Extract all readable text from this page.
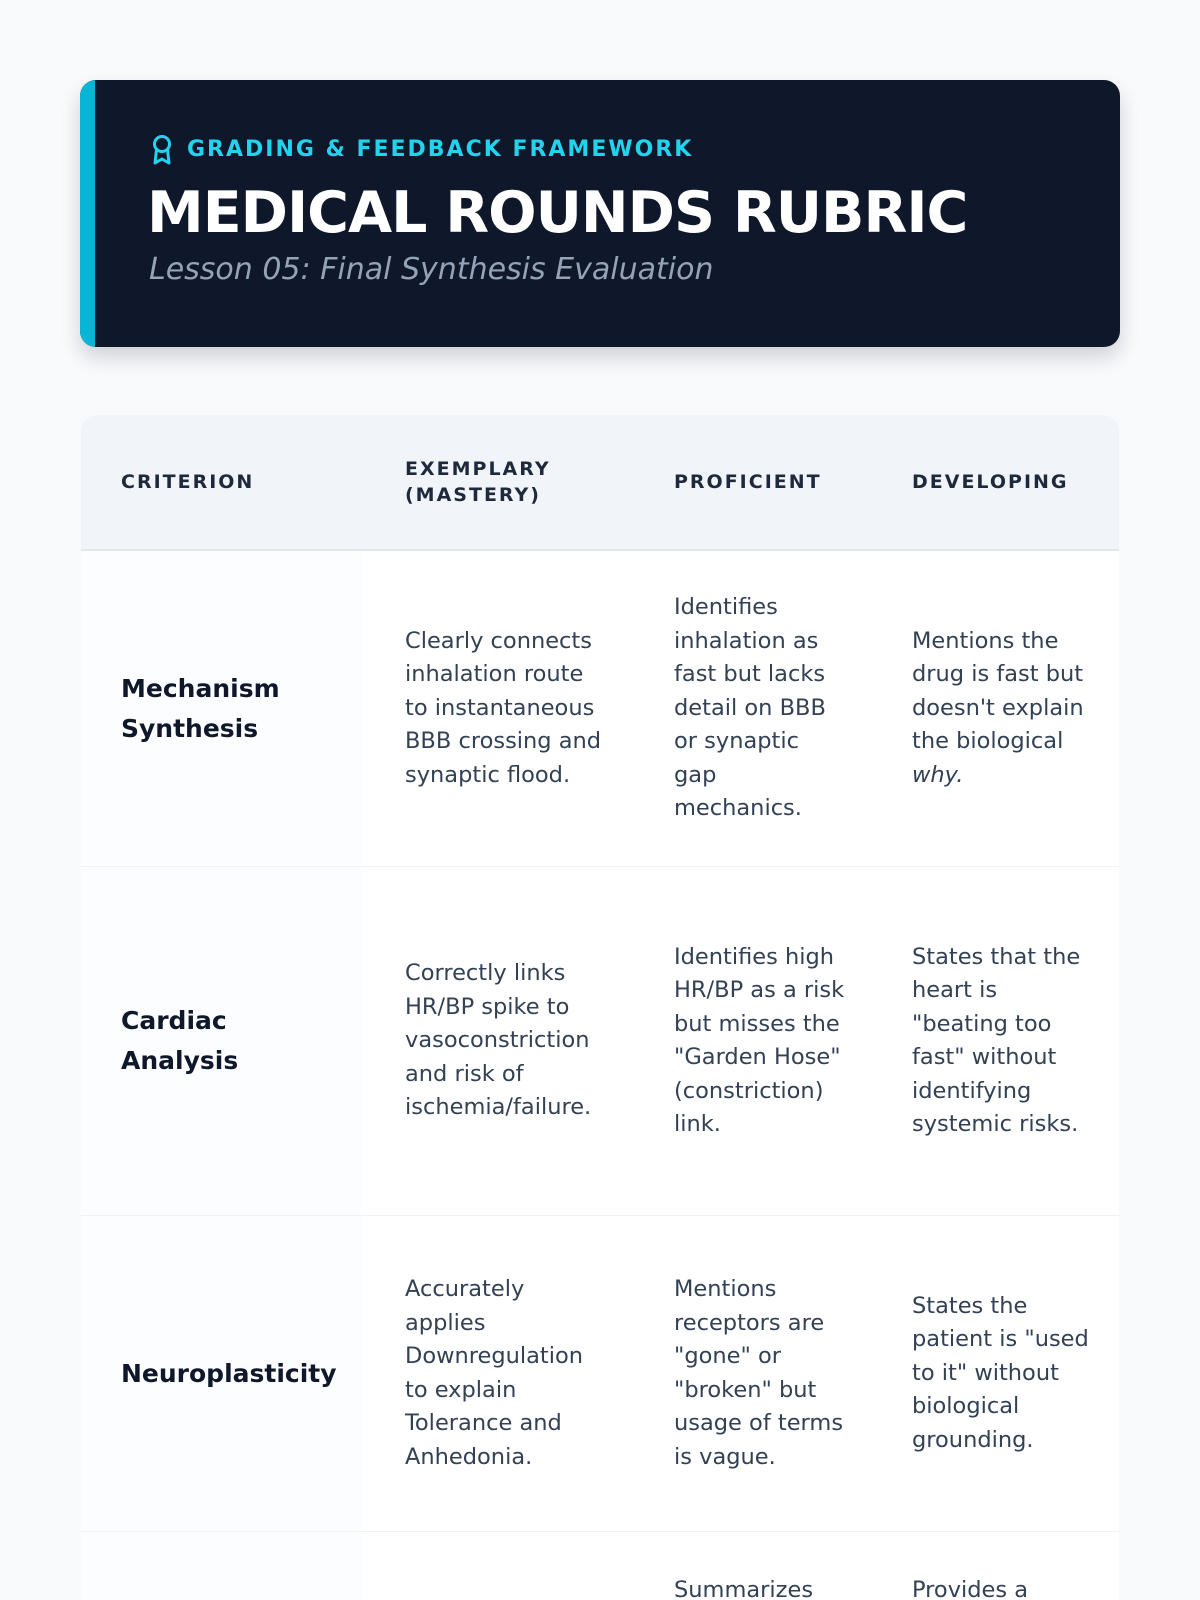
GRADING & FEEDBACK FRAMEWORK
MEDICAL ROUNDS RUBRIC

Lesson 05: Final Synthesis Evaluation

CRITERION	EXEMPLARY (MASTERY)	PROFICIENT	DEVELOPING
Mechanism Synthesis	Clearly connects inhalation route to instantaneous BBB crossing and synaptic flood.	Identifies inhalation as fast but lacks detail on BBB or synaptic gap mechanics.	Mentions the drug is fast but doesn't explain the biological why.
Cardiac Analysis	Correctly links HR/BP spike to vasoconstriction and risk of ischemia/failure.	Identifies high HR/BP as a risk but misses the "Garden Hose" (constriction) link.	States that the heart is "beating too fast" without identifying systemic risks.
Neuroplasticity	Accurately applies Downregulation to explain Tolerance and Anhedonia.	Mentions receptors are "gone" or "broken" but usage of terms is vague.	States the patient is "used to it" without biological grounding.
		Summarizes	Provides a
